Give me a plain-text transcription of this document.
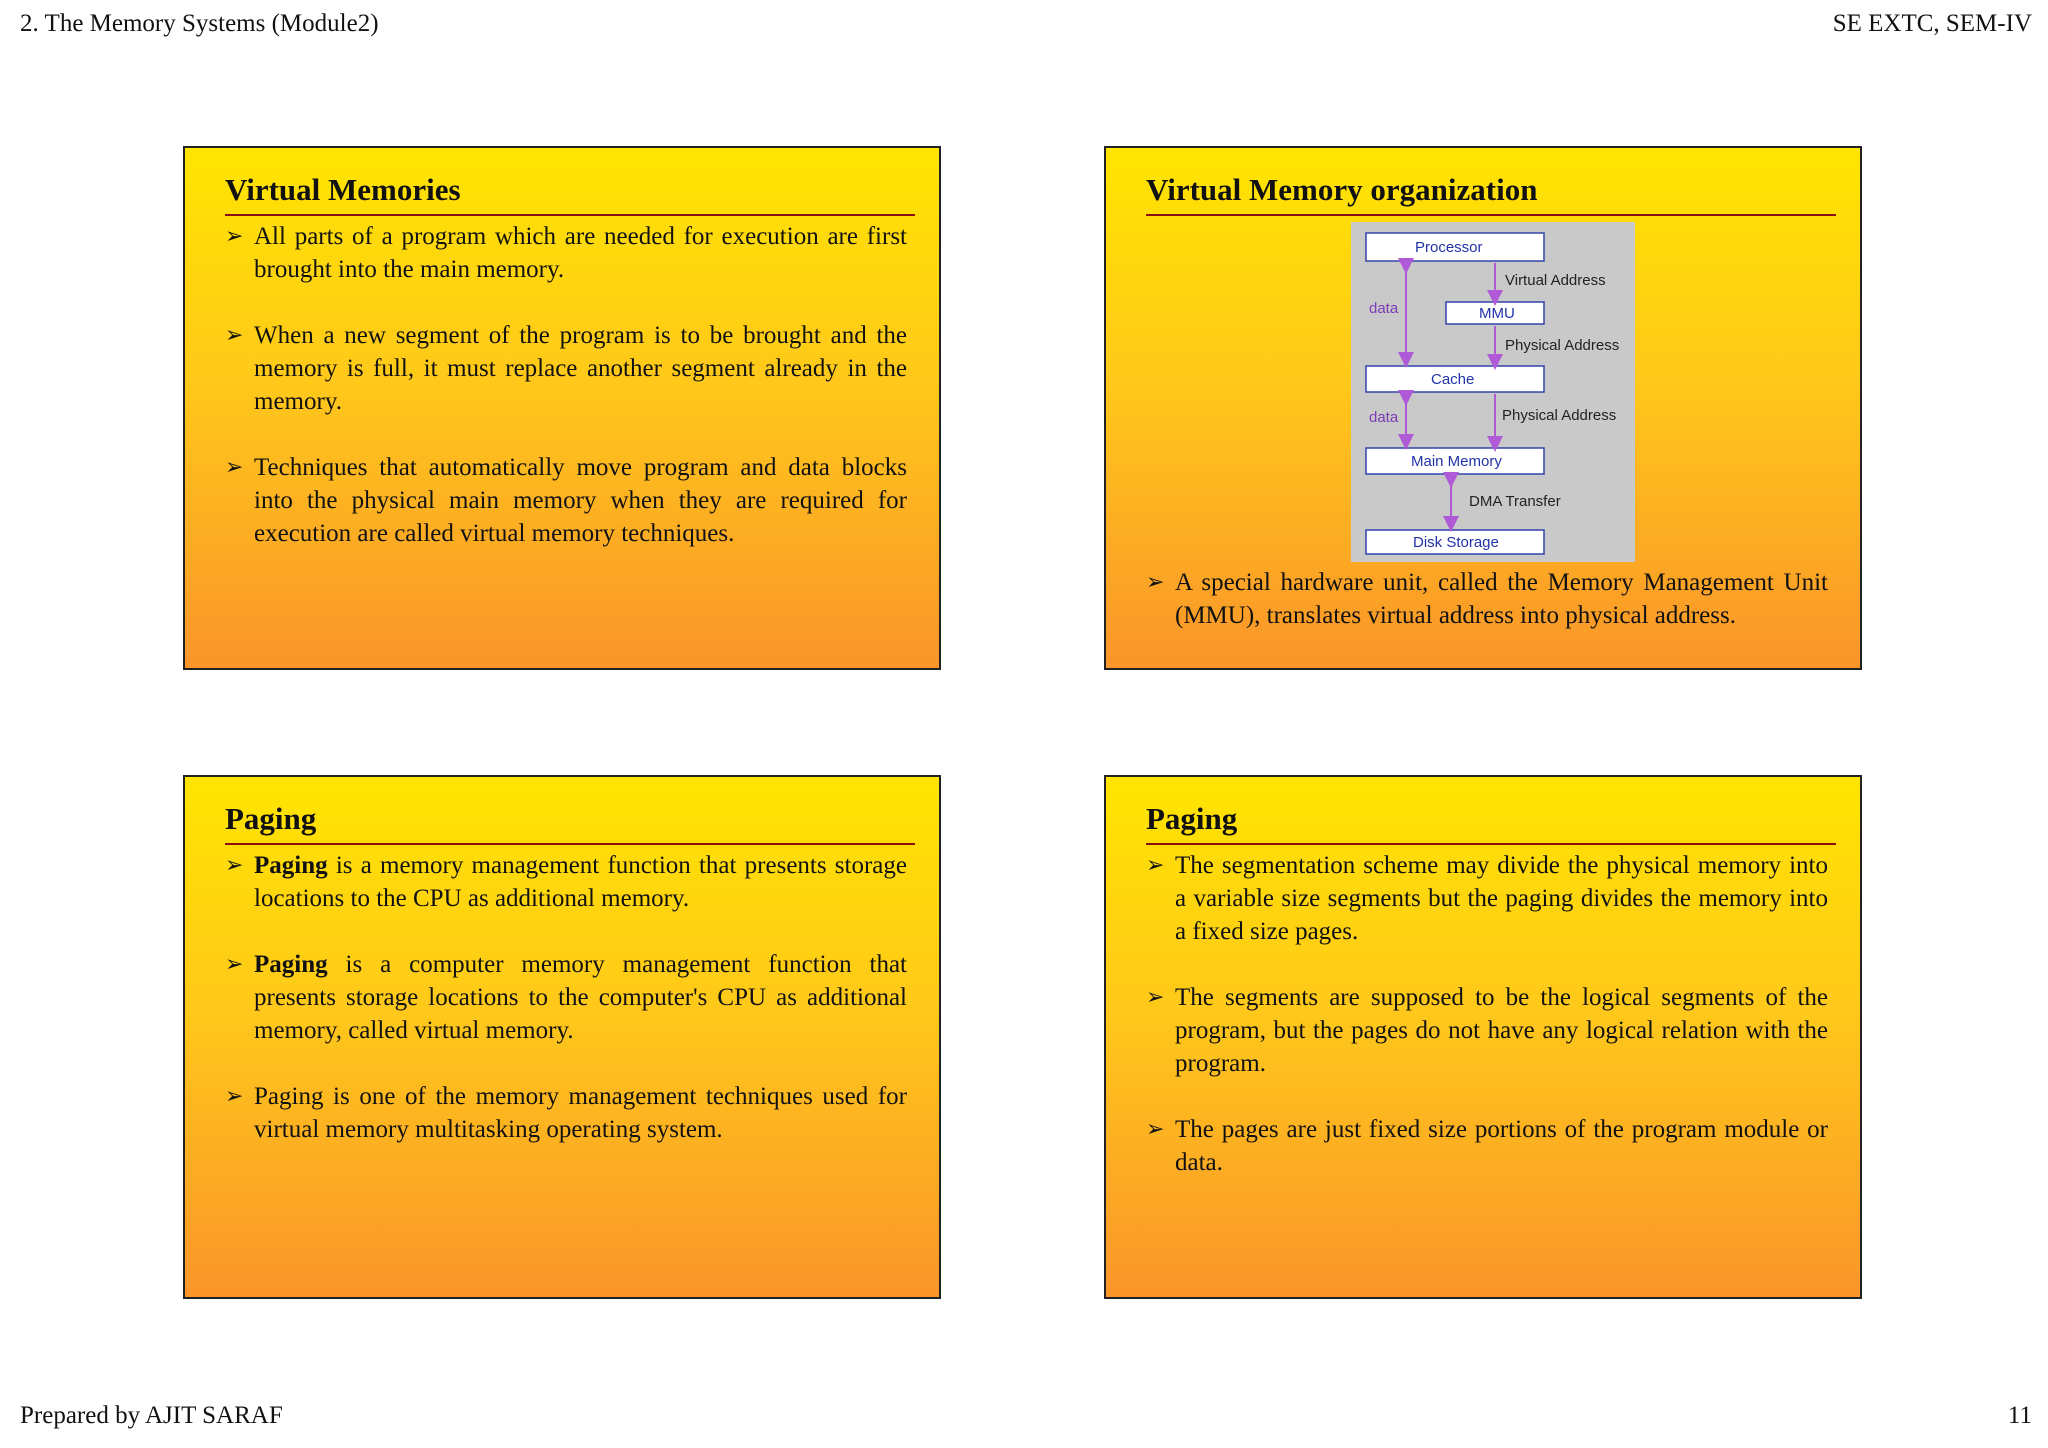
2. The Memory Systems (Module2)	SE EXTC, SEM-IV
Virtual Memories
➢ All parts of a program which are needed for execution are first brought into the main memory.
➢ When a new segment of the program is to be brought and the memory is full, it must replace another segment already in the memory.
➢ Techniques that automatically move program and data blocks into the physical main memory when they are required for execution are called virtual memory techniques.
Virtual Memory organization
Processor
MMU
Cache
Main Memory
Disk Storage
Virtual Address
Physical Address
Physical Address
DMA Transfer
data
data
➢ A special hardware unit, called the Memory Management Unit (MMU), translates virtual address into physical address.
Paging
➢ Paging is a memory management function that presents storage locations to the CPU as additional memory.
➢ Paging is a computer memory management function that presents storage locations to the computer's CPU as additional memory, called virtual memory.
➢ Paging is one of the memory management techniques used for virtual memory multitasking operating system.
Paging
➢ The segmentation scheme may divide the physical memory into a variable size segments but the paging divides the memory into a fixed size pages.
➢ The segments are supposed to be the logical segments of the program, but the pages do not have any logical relation with the program.
➢ The pages are just fixed size portions of the program module or data.
Prepared by AJIT SARAF	11
